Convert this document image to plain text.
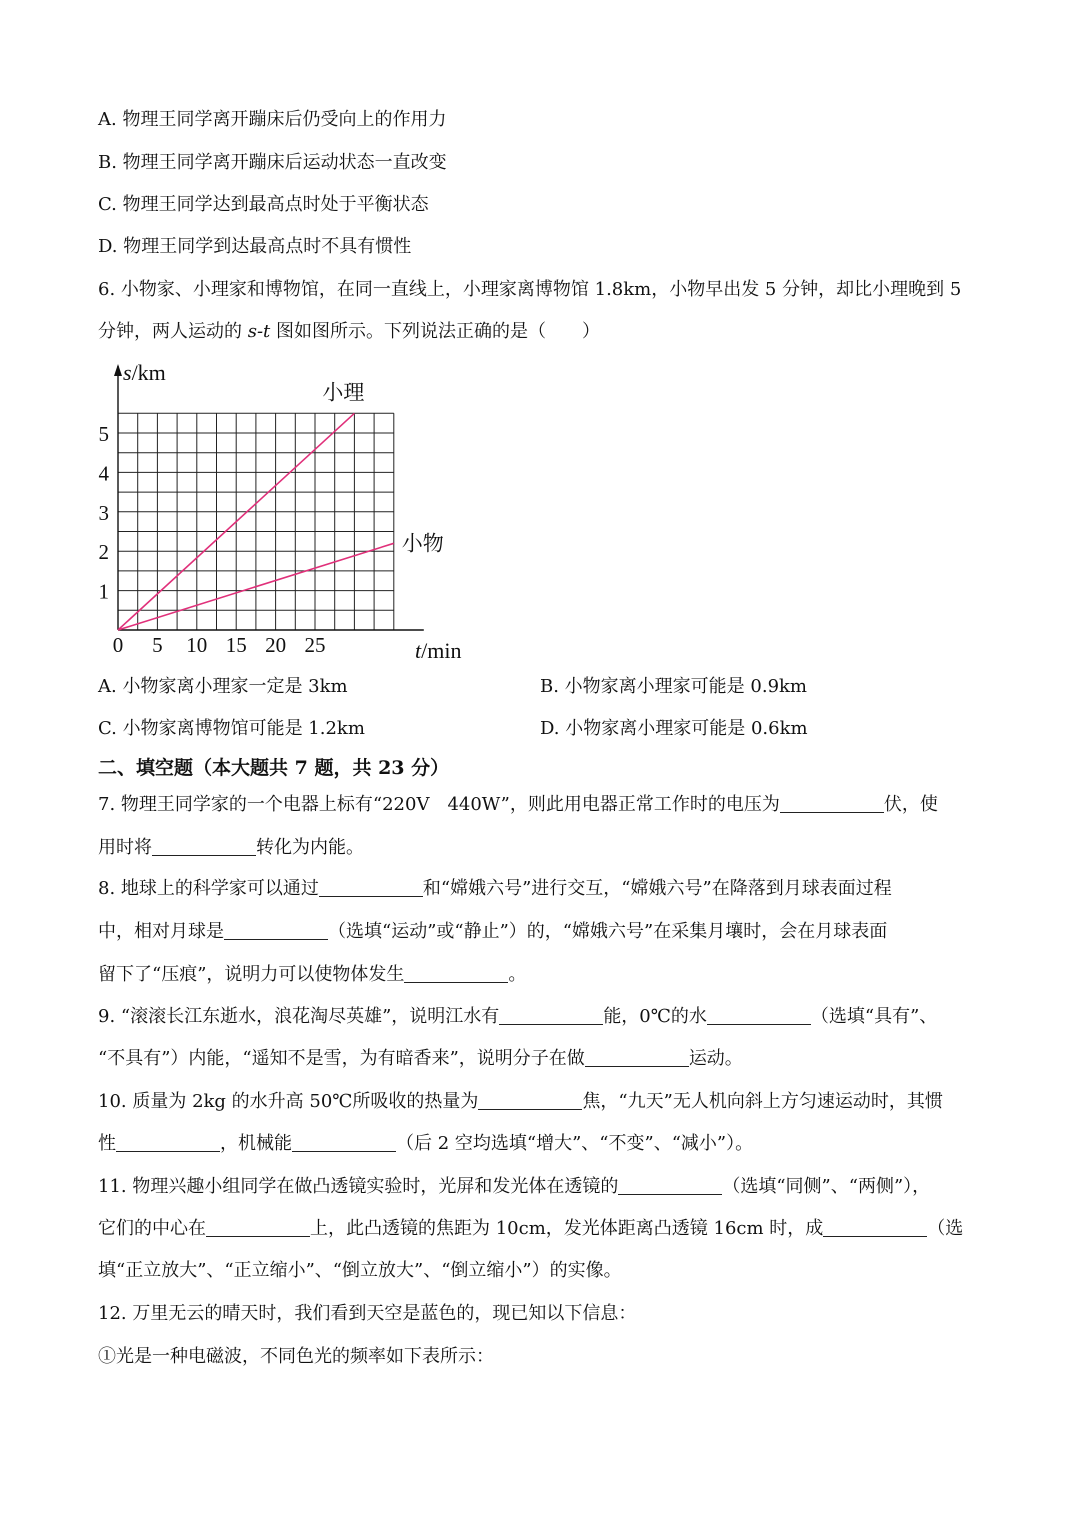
A. 物理王同学离开蹦床后仍受向上的作用力
B. 物理王同学离开蹦床后运动状态一直改变
C. 物理王同学达到最高点时处于平衡状态
D. 物理王同学到达最高点时不具有惯性
6. 小物家、小理家和博物馆，在同一直线上，小理家离博物馆 1.8km，小物早出发 5 分钟，却比小理晚到 5
分钟，两人运动的 s-t 图如图所示。下列说法正确的是（　　）
0 5 10 15 20 25
1
2
3
4
5
小理
小物
s/km
t/min
A. 小物家离小理家一定是 3km	B. 小物家离小理家可能是 0.9km
C. 小物家离博物馆可能是 1.2km	D. 小物家离小理家可能是 0.6km
二、填空题（本大题共 7 题，共 23 分）
7. 物理王同学家的一个电器上标有“220V　440W”，则此用电器正常工作时的电压为	伏，使
用时将	转化为内能。
8. 地球上的科学家可以通过	和“嫦娥六号”进行交互，“嫦娥六号”在降落到月球表面过程
中，相对月球是	（选填“运动”或“静止”）的，“嫦娥六号”在采集月壤时，会在月球表面
留下了“压痕”，说明力可以使物体发生	。
9. “滚滚长江东逝水，浪花淘尽英雄”，说明江水有	能，0℃的水	（选填“具有”、
“不具有”）内能，“遥知不是雪，为有暗香来”，说明分子在做	运动。
10. 质量为 2kg 的水升高 50℃所吸收的热量为	焦，“九天”无人机向斜上方匀速运动时，其惯
性	，机械能	（后 2 空均选填“增大”、“不变”、“减小”）。
11. 物理兴趣小组同学在做凸透镜实验时，光屏和发光体在透镜的	（选填“同侧”、“两侧”），
它们的中心在	上，此凸透镜的焦距为 10cm，发光体距离凸透镜 16cm 时，成	（选
填“正立放大”、“正立缩小”、“倒立放大”、“倒立缩小”）的实像。
12. 万里无云的晴天时，我们看到天空是蓝色的，现已知以下信息：
①光是一种电磁波，不同色光的频率如下表所示：
